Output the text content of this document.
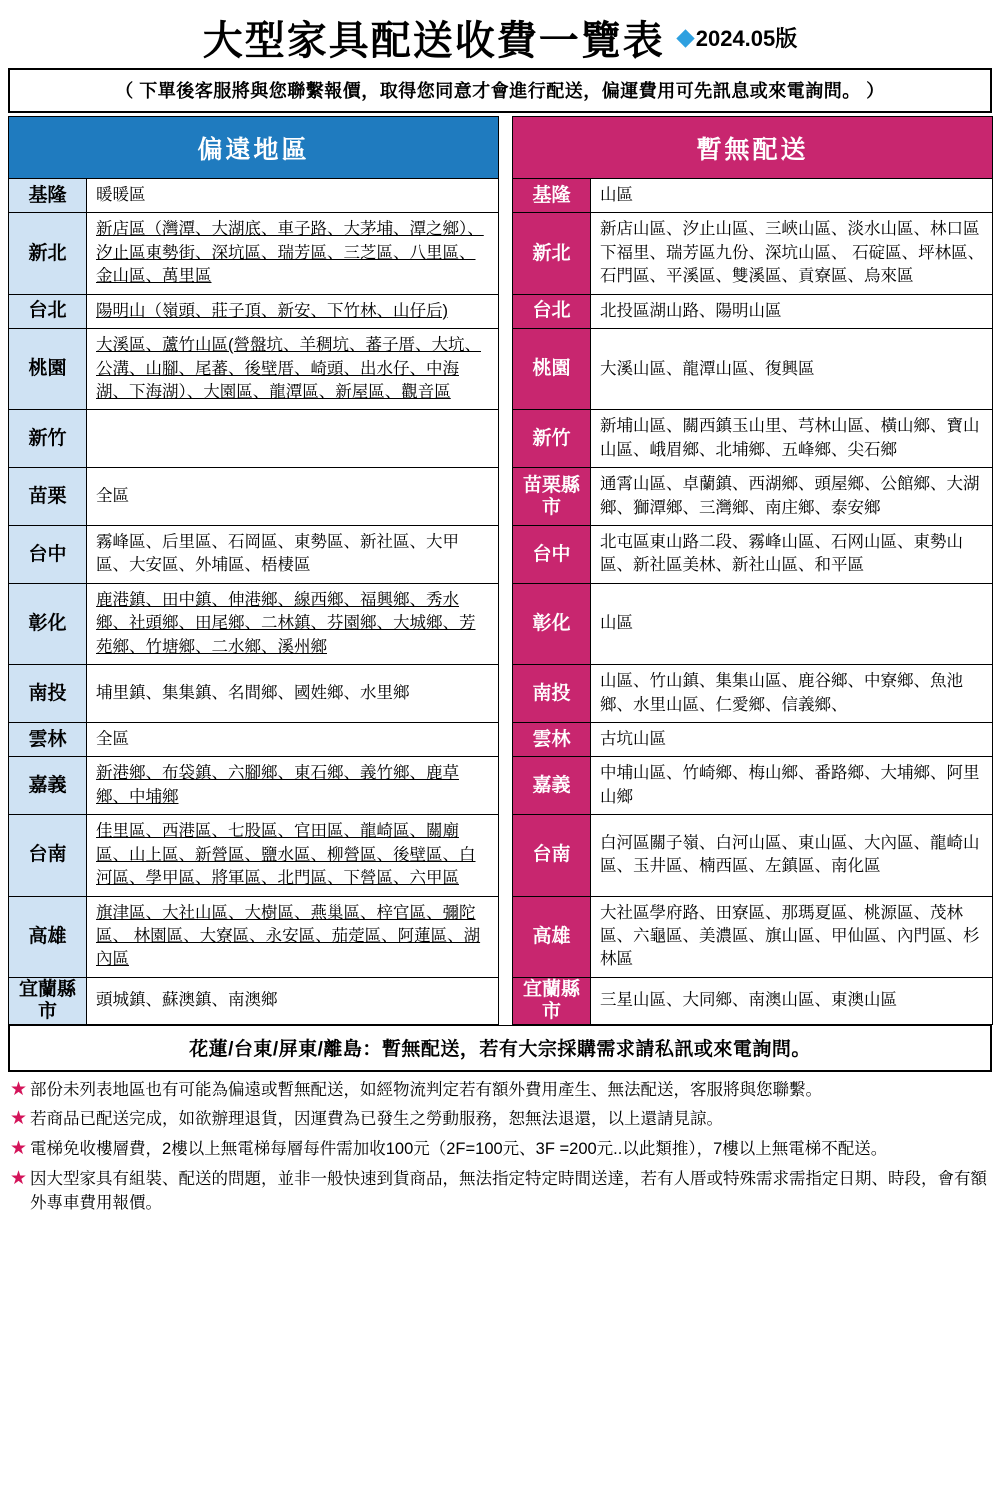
大型家具配送收費一覽表 2024.05版
（ 下單後客服將與您聯繫報價，取得您同意才會進行配送，偏運費用可先訊息或來電詢問。 ）
偏遠地區			暫無配送	
基隆	暖暖區		基隆	山區
新北	新店區（灣潭、大湖底、車子路、大茅埔、潭之鄉）、汐止區東勢街、深坑區、瑞芳區、三芝區、八里區、金山區、萬里區		新北	新店山區、汐止山區、三峽山區、淡水山區、林口區下福里、瑞芳區九份、深坑山區、 石碇區、坪林區、石門區、平溪區、雙溪區、貢寮區、烏來區
台北	陽明山（嶺頭、莊子頂、新安、下竹林、山仔后)		台北	北投區湖山路、陽明山區
桃園	大溪區、蘆竹山區(營盤坑、羊稠坑、蕃子厝、大坑、公溝、山腳、尾蕃、後壁厝、崎頭、出水仔、中海湖、下海湖）、大園區、龍潭區、新屋區、觀音區		桃園	大溪山區、龍潭山區、復興區
新竹			新竹	新埔山區、關西鎮玉山里、芎林山區、橫山鄉、寶山山區、峨眉鄉、北埔鄉、五峰鄉、尖石鄉
苗栗	全區		苗栗縣市	通霄山區、卓蘭鎮、西湖鄉、頭屋鄉、公館鄉、大湖鄉、獅潭鄉、三灣鄉、南庄鄉、泰安鄉
台中	霧峰區、后里區、石岡區、東勢區、新社區、大甲區、大安區、外埔區、梧棲區		台中	北屯區東山路二段、霧峰山區、石网山區、東勢山區、新社區美林、新社山區、和平區
彰化	鹿港鎮、田中鎮、伸港鄉、線西鄉、福興鄉、秀水鄉、社頭鄉、田尾鄉、二林鎮、芬園鄉、大城鄉、芳苑鄉、竹塘鄉、二水鄉、溪州鄉		彰化	山區
南投	埔里鎮、集集鎮、名間鄉、國姓鄉、水里鄉		南投	山區、竹山鎮、集集山區、鹿谷鄉、中寮鄉、魚池鄉、水里山區、仁愛鄉、信義鄉、
雲林	全區		雲林	古坑山區
嘉義	新港鄉、布袋鎮、六腳鄉、東石鄉、義竹鄉、鹿草鄉、中埔鄉		嘉義	中埔山區、竹崎鄉、梅山鄉、番路鄉、大埔鄉、阿里山鄉
台南	佳里區、西港區、七股區、官田區、龍崎區、關廟區、山上區、新營區、鹽水區、柳營區、後壁區、白河區、學甲區、將軍區、北門區、下營區、六甲區		台南	白河區關子嶺、白河山區、東山區、大內區、龍崎山區、玉井區、楠西區、左鎮區、南化區
高雄	旗津區、大社山區、大樹區、燕巢區、梓官區、彌陀區、 林園區、大寮區、永安區、茄萣區、阿蓮區、湖內區		高雄	大社區學府路、田寮區、那瑪夏區、桃源區、茂林區、六龜區、美濃區、旗山區、甲仙區、內門區、杉林區
宜蘭縣市	頭城鎮、蘇澳鎮、南澳鄉		宜蘭縣市	三星山區、大同鄉、南澳山區、東澳山區
花蓮/台東/屏東/離島：暫無配送，若有大宗採購需求請私訊或來電詢問。
★ 部份未列表地區也有可能為偏遠或暫無配送，如經物流判定若有額外費用產生、無法配送，客服將與您聯繫。
★ 若商品已配送完成，如欲辦理退貨，因運費為已發生之勞動服務，恕無法退還，以上還請見諒。
★ 電梯免收樓層費，2樓以上無電梯每層每件需加收100元（2F=100元、3F =200元..以此類推），7樓以上無電梯不配送。
★ 因大型家具有組裝、配送的問題，並非一般快速到貨商品，無法指定特定時間送達，若有人厝或特殊需求需指定日期、時段，會有額外專車費用報價。
